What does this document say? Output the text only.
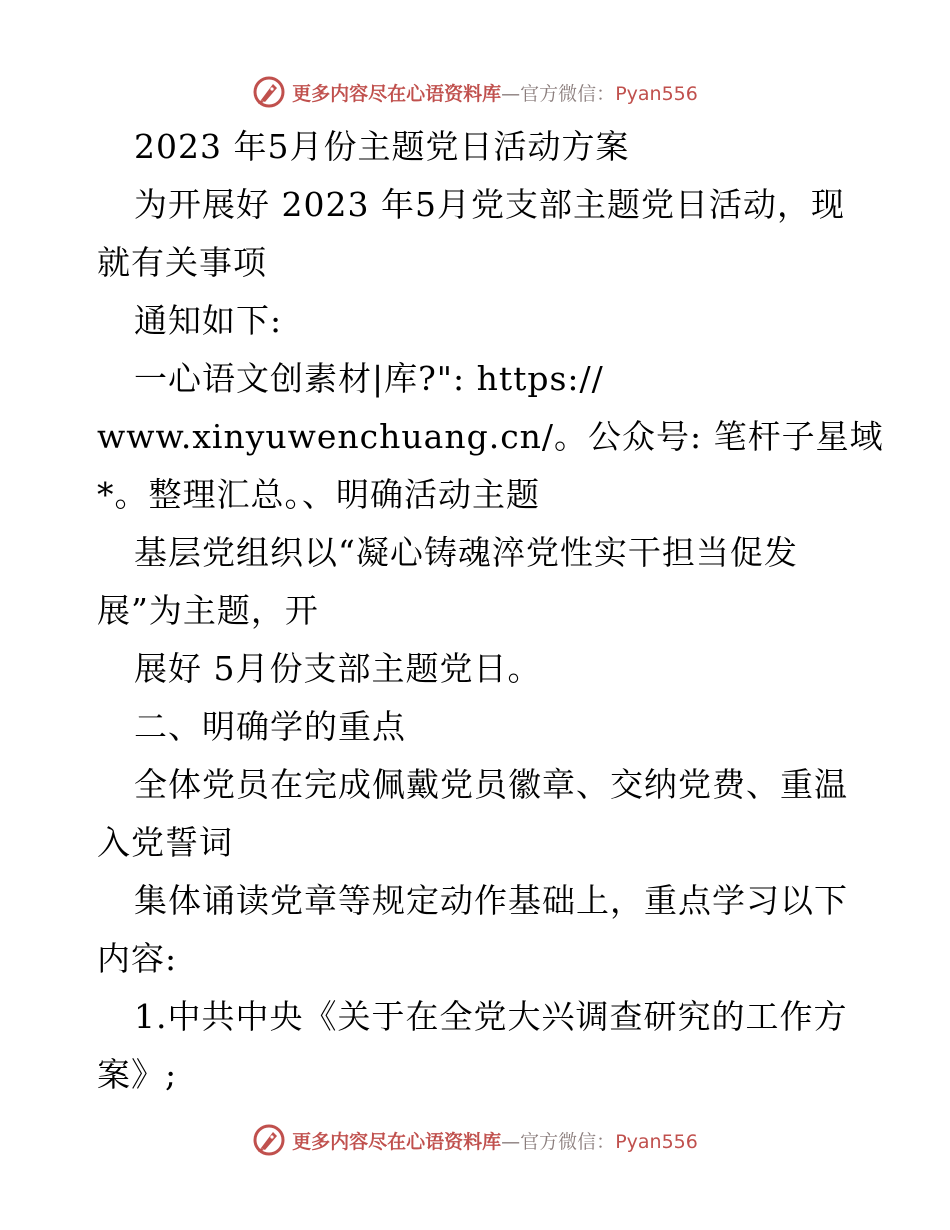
更多内容尽在心语资料库—官方微信：Pyan556
2023 年5月份主题党日活动方案
为开展好 2023 年5月党支部主题党日活动，现
就有关事项
通知如下:
一心语文创素材|库?": https://
www.xinyuwenchuang.cn/。公众号: 笔杆子星域
*。整理汇总。、明确活动主题
基层党组织以“凝心铸魂淬党性实干担当促发
展”为主题，开
展好 5月份支部主题党日。
二、明确学的重点
全体党员在完成佩戴党员徽章、交纳党费、重温
入党誓词
集体诵读党章等规定动作基础上，重点学习以下
内容:
1.中共中央《关于在全党大兴调查研究的工作方
案》;
更多内容尽在心语资料库—官方微信：Pyan556
